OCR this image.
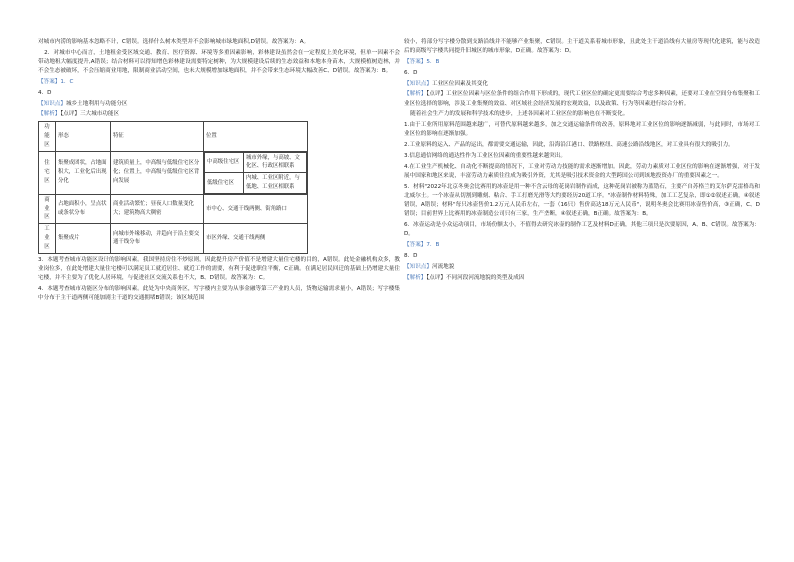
对城市内涝的影响基本忽略不计，C错误。选择什么树木类型并不会影响城市绿地面积,D错误。故答案为：A。

2．对城市中心而言，土地租金受区域交通、教育、医疗资源、环境等多重因素影响，彩林建设虽然会在一定程度上美化环境，但单一因素不会带动地租大幅度提升,A错误；结合材料可以得知增色彩林建设需要特定树种，为大规模建设后续的生态效益和本地本身苗木，大规模植树造林，并不会生态被破坏，不会压缩商业用地，限制商业活动空间，也未大规模增加绿地面积，并不会带来生态环境大幅改善C、D错误。故答案为：B。

【答案】1．C

4．D

【知识点】城乡土地利用与功能分区

【解析】【点评】三大城市功能区

功能区
	形态	特征	位置

住宅区
	集聚成团状，占地面积大，工业化后出现分化	建筑质量上，中高级与低级住宅区分化；位置上，中高级与低级住宅区背向发展	
中高级住宅区	城市外缘，与高坡、文化区、行政区相联系
低级住宅区	内城、工业区附近，与低地、工业区相联系

商业区
	占地面积小，呈点状或条状分布	商业活动繁忙；昼夜人口数量变化大；建筑物高大稠密	市中心、交通干线两侧、街角路口

工业区
	集聚成片	向城市外缘移动，并趋向于沿主要交通干线分布	市区外缘、交通干线两侧

3．本题考查城市功能区设计的影响因素。我国坚持房住不炒原则，因此提升房产价值不是增建大量住宅楼的目的，A错误。此处金融机构众多，教业岗位多，在此处增建大量住宅楼可以满足员工就近居住、就近工作的需要，有利于促进职住平衡，C正确。在满足居民回迁的基础上仍增建大量住宅楼，并不主要为了优化人居环境，与促进社区交流关系也不大，B、D错误。故答案为：C。

4．本题考查城市功能区分布的影响因素。此处为中央商务区，写字楼内主要为从事金融等第三产业的人员，货物运输需求量小，A错误；写字楼集中分布于主干道两侧可能加剧主干道的交通拥堵B错误；该区域范围

较小，将部分写字楼分散到支路沿线并不能够产业集聚，C错误。主干道关系着城市形象，且此处主干道沿线有大量房等现代化建筑，能与改造后的高级写字楼共同提升旧城区的城市形象，D正确。故答案为：D。

【答案】5．B

6．D

【知识点】工业区位因素及其变化

【解析】【点评】工业区位因素与区位条件的组合作用下形成的，现代工业区位的确定更需要综合考虑多种因素，还要对工业在空间分布集聚和工业区位选择的影响，涉及工业集聚的效益、对区域社会经济发展的宏观效益，以及政策、行为等因素进行综合分析。

随着社会生产力的发展和科学技术的进步，上述各因素对工业区位的影响也在不断变化。

1.由于工业所用原料范围越来越广，可替代原料越来越多，加之交通运输条件的改善，原料地对工业区位的影响逐渐减弱，与此同时，市场对工业区位的影响在逐渐加强。

2.工业原料的运入、产品的运出，都需要交通运输，因此，沿海沿江港口、铁路枢纽、高速公路沿线地区，对工业具有很大的吸引力。

3.信息通信网络的通达性作为工业区位因素的重要性越来越突出。

4.在工业生产机械化、自动化不断提高的情况下，工业对劳动力技能的需求逐渐增加。因此，劳动力素质对工业区位的影响在逐渐增强，对于发展中国家和地区来说，丰富劳动力素质往往成为吸引外资，尤其是吸引技术资金的大型跨国公司到该地投资办厂的重要因素之一。

5．材料"2022年北京冬奥会比赛用的冰壶是用一种不含云母的花岗岩制作而成，这种花岗岩被称为蓝锆石，主要产自苏格兰的艾尔萨克雷格岛和北威尔士。一个冰壶从切割到雕刻、粘合、手工打磨光滑等大约要经历20道工序。"冰壶制作材料特殊，加工工艺复杂，即①②叙述正确，④叙述错误，A错误；材料"每只冰壶售价1.2万元人民币左右，一套（16只）售价高达18万元人民币"，说明冬奥会比赛用冰壶售价高，③正确，C、D错误；目前世界上比赛用的冰壶制造公司只有三家，生产垄断，④叙述正确，B正确。故答案为：B。

6．冰壶运动是小众运动项目，市场份额太小，不值得去研究冰壶的制作工艺及材料D正确，其他三项只是次要原因，A、B、C错误。故答案为：D。

【答案】7．B

8．D

【知识点】河流地貌

【解析】【点评】不同河段河流地貌的类型及成因
